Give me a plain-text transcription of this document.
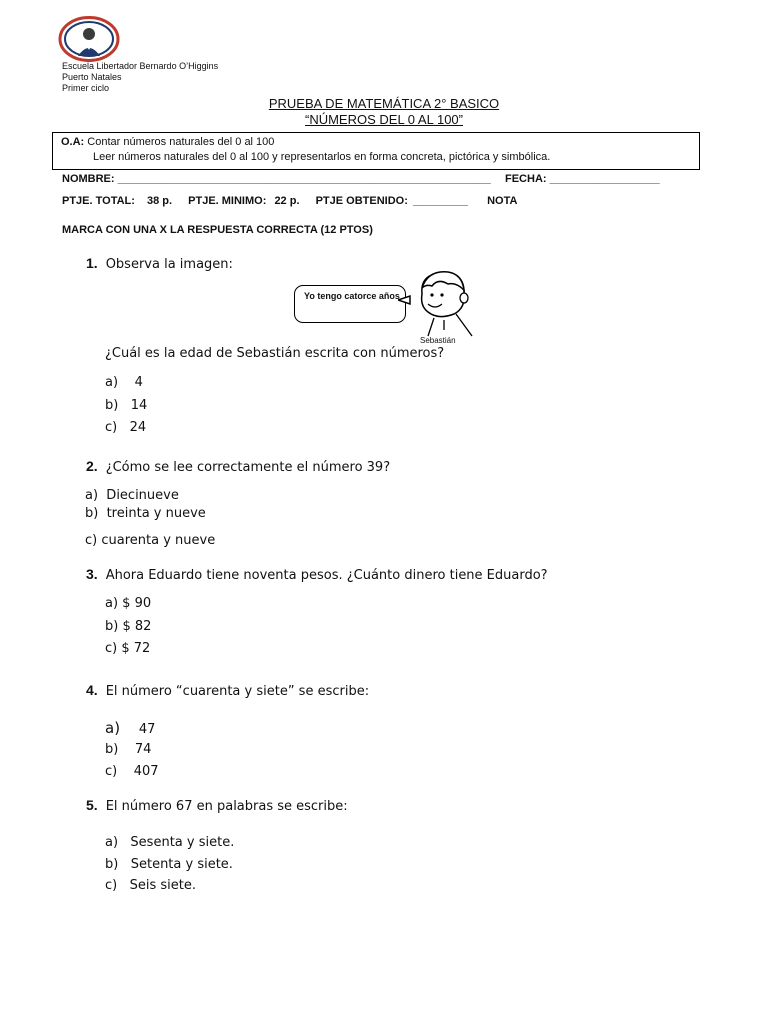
Escuela Libertador Bernardo O’Higgins
Puerto Natales
Primer ciclo
PRUEBA DE MATEMÁTICA 2° BASICO
“NÚMEROS DEL 0 AL 100”
O.A: Contar números naturales del 0 al 100
Leer números naturales del 0 al 100 y representarlos en forma concreta, pictórica y simbólica.
NOMBRE: _____________________________________________________________ FECHA: __________________
PTJE. TOTAL: 38 p. PTJE. MINIMO: 22 p. PTJE OBTENIDO: _________ NOTA
MARCA CON UNA X LA RESPUESTA CORRECTA (12 PTOS)
1. Observa la imagen:
Yo tengo catorce años
Sebastián
¿Cuál es la edad de Sebastián escrita con números?
a)    4
b)   14
c)   24
2. ¿Cómo se lee correctamente el número 39?
a)  Diecinueve
b)  treinta y nueve
c) cuarenta y nueve
3. Ahora Eduardo tiene noventa pesos. ¿Cuánto dinero tiene Eduardo?
a) $ 90
b) $ 82
c) $ 72
4. El número “cuarenta y siete” se escribe:
a) 47
b)    74
c)    407
5. El número 67 en palabras se escribe:
a)   Sesenta y siete.
b)   Setenta y siete.
c)   Seis siete.
